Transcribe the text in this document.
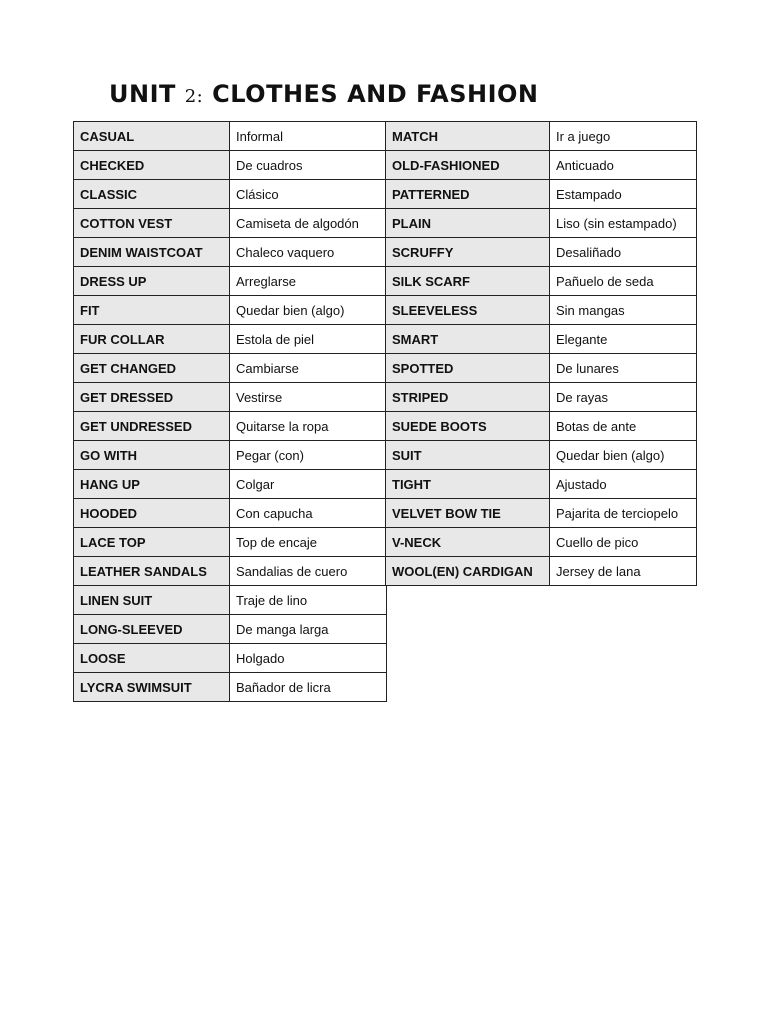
UNIT 2: CLOTHES AND FASHION
CASUAL	Informal
CHECKED	De cuadros
CLASSIC	Clásico
COTTON VEST	Camiseta de algodón
DENIM WAISTCOAT	Chaleco vaquero
DRESS UP	Arreglarse
FIT	Quedar bien (algo)
FUR COLLAR	Estola de piel
GET CHANGED	Cambiarse
GET DRESSED	Vestirse
GET UNDRESSED	Quitarse la ropa
GO WITH	Pegar (con)
HANG UP	Colgar
HOODED	Con capucha
LACE TOP	Top de encaje
LEATHER SANDALS	Sandalias de cuero
LINEN SUIT	Traje de lino
LONG-SLEEVED	De manga larga
LOOSE	Holgado
LYCRA SWIMSUIT	Bañador de licra
MATCH	Ir a juego
OLD-FASHIONED	Anticuado
PATTERNED	Estampado
PLAIN	Liso (sin estampado)
SCRUFFY	Desaliñado
SILK SCARF	Pañuelo de seda
SLEEVELESS	Sin mangas
SMART	Elegante
SPOTTED	De lunares
STRIPED	De rayas
SUEDE BOOTS	Botas de ante
SUIT	Quedar bien (algo)
TIGHT	Ajustado
VELVET BOW TIE	Pajarita de terciopelo
V-NECK	Cuello de pico
WOOL(EN) CARDIGAN	Jersey de lana
